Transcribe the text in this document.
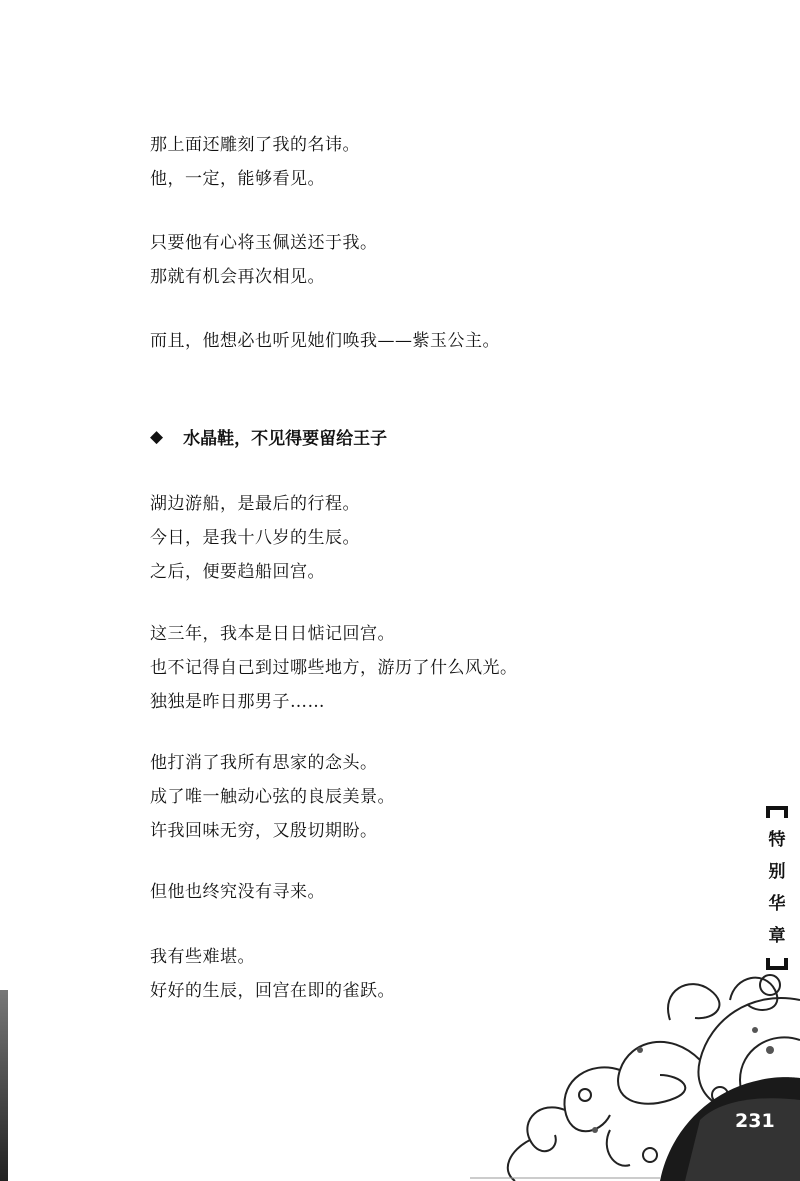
那上面还雕刻了我的名讳。
他，一定，能够看见。
只要他有心将玉佩送还于我。
那就有机会再次相见。
而且，他想必也听见她们唤我——紫玉公主。
◆ 水晶鞋，不见得要留给王子
湖边游船，是最后的行程。
今日，是我十八岁的生辰。
之后，便要趋船回宫。
这三年，我本是日日惦记回宫。
也不记得自己到过哪些地方，游历了什么风光。
独独是昨日那男子……
他打消了我所有思家的念头。
成了唯一触动心弦的良辰美景。
许我回味无穷，又殷切期盼。
但他也终究没有寻来。
我有些难堪。
好好的生辰，回宫在即的雀跃。
特
别
华
章
231
